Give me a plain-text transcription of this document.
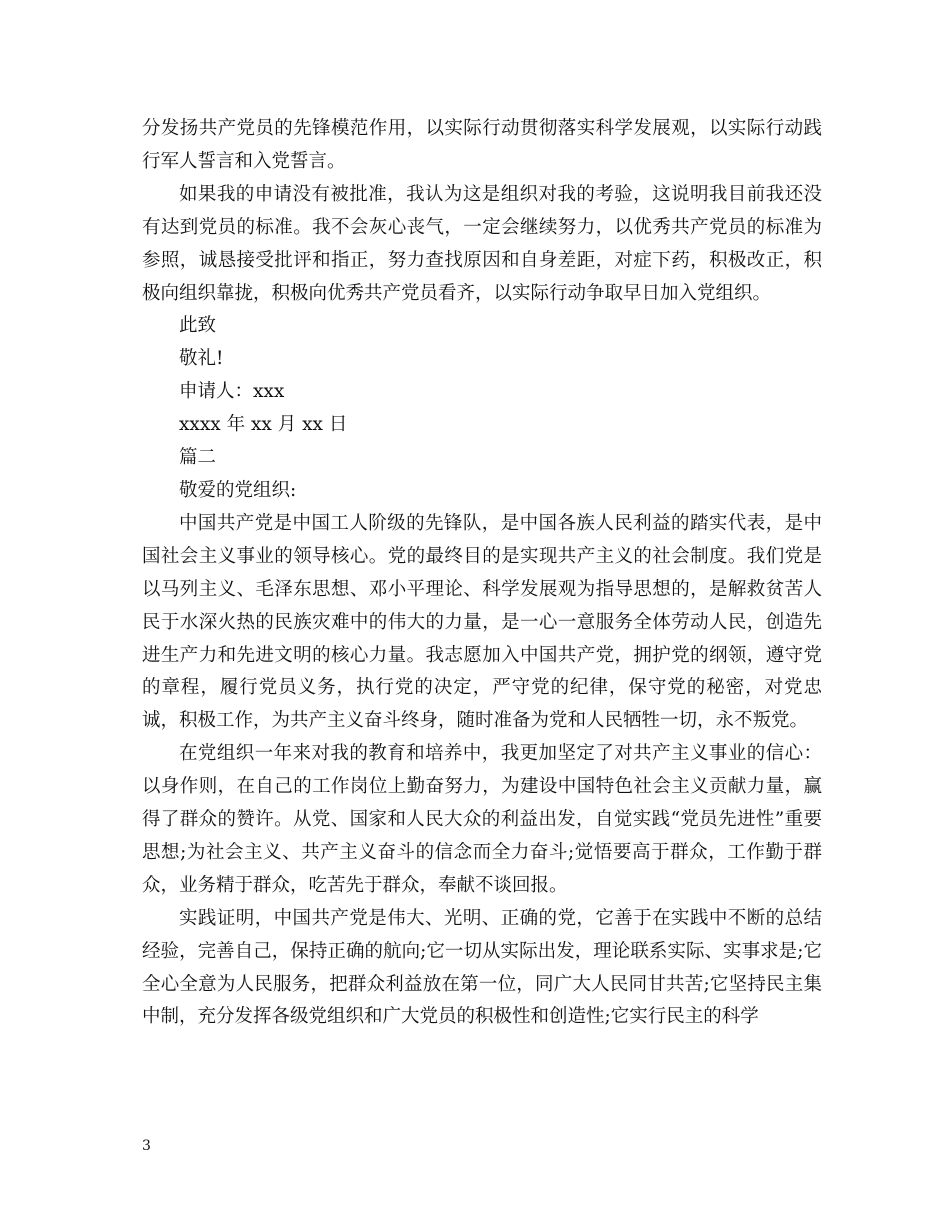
分发扬共产党员的先锋模范作用，以实际行动贯彻落实科学发展观，以实际行动践行军人誓言和入党誓言。

如果我的申请没有被批准，我认为这是组织对我的考验，这说明我目前我还没有达到党员的标准。我不会灰心丧气，一定会继续努力，以优秀共产党员的标准为参照，诚恳接受批评和指正，努力查找原因和自身差距，对症下药，积极改正，积极向组织靠拢，积极向优秀共产党员看齐，以实际行动争取早日加入党组织。

此致

敬礼!

申请人：xxx

xxxx 年 xx 月 xx 日

篇二

敬爱的党组织:

中国共产党是中国工人阶级的先锋队，是中国各族人民利益的踏实代表，是中国社会主义事业的领导核心。党的最终目的是实现共产主义的社会制度。我们党是以马列主义、毛泽东思想、邓小平理论、科学发展观为指导思想的，是解救贫苦人民于水深火热的民族灾难中的伟大的力量，是一心一意服务全体劳动人民，创造先进生产力和先进文明的核心力量。我志愿加入中国共产党，拥护党的纲领，遵守党的章程，履行党员义务，执行党的决定，严守党的纪律，保守党的秘密，对党忠诚，积极工作，为共产主义奋斗终身，随时准备为党和人民牺牲一切，永不叛党。

在党组织一年来对我的教育和培养中，我更加坚定了对共产主义事业的信心：以身作则，在自己的工作岗位上勤奋努力，为建设中国特色社会主义贡献力量，赢得了群众的赞许。从党、国家和人民大众的利益出发，自觉实践“党员先进性”重要思想;为社会主义、共产主义奋斗的信念而全力奋斗;觉悟要高于群众，工作勤于群众，业务精于群众，吃苦先于群众，奉献不谈回报。

实践证明，中国共产党是伟大、光明、正确的党，它善于在实践中不断的总结经验，完善自己，保持正确的航向;它一切从实际出发，理论联系实际、实事求是;它全心全意为人民服务，把群众利益放在第一位，同广大人民同甘共苦;它坚持民主集中制，充分发挥各级党组织和广大党员的积极性和创造性;它实行民主的科学

3
